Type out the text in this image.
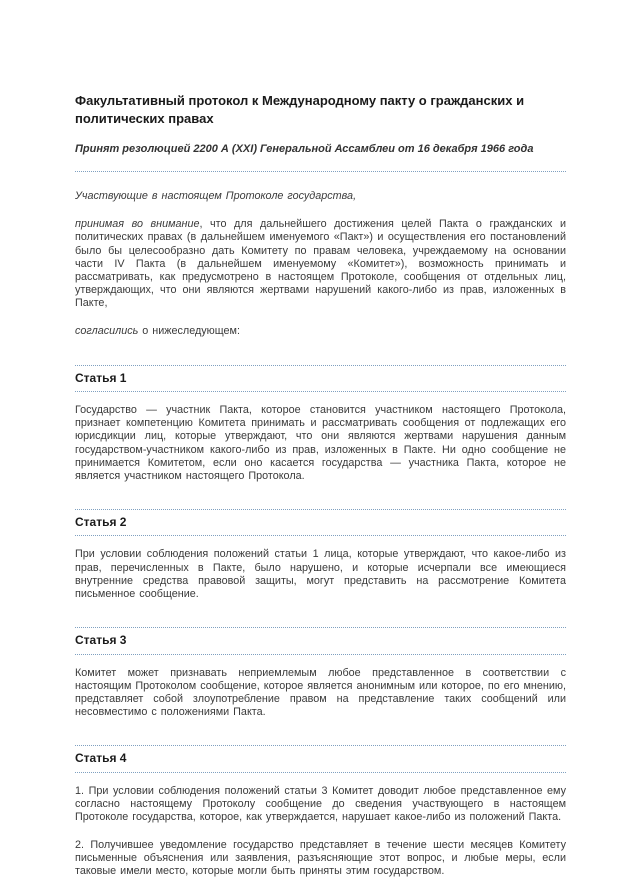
Факультативный протокол к Международному пакту о гражданских и политических правах

Принят резолюцией 2200 А (XXI) Генеральной Ассамблеи от 16 декабря 1966 года

Участвующие в настоящем Протоколе государства,

принимая во внимание, что для дальнейшего достижения целей Пакта о гражданских и политических правах (в дальнейшем именуемого «Пакт») и осуществления его постановлений было бы целесообразно дать Комитету по правам человека, учреждаемому на основании части IV Пакта (в дальнейшем именуемому «Комитет»), возможность принимать и рассматривать, как предусмотрено в настоящем Протоколе, сообщения от отдельных лиц, утверждающих, что они являются жертвами нарушений какого-либо из прав, изложенных в Пакте,

согласились о нижеследующем:

Статья 1

Государство — участник Пакта, которое становится участником настоящего Протокола, признает компетенцию Комитета принимать и рассматривать сообщения от подлежащих его юрисдикции лиц, которые утверждают, что они являются жертвами нарушения данным государством-участником какого-либо из прав, изложенных в Пакте. Ни одно сообщение не принимается Комитетом, если оно касается государства — участника Пакта, которое не является участником настоящего Протокола.

Статья 2

При условии соблюдения положений статьи 1 лица, которые утверждают, что какое-либо из прав, перечисленных в Пакте, было нарушено, и которые исчерпали все имеющиеся внутренние средства правовой защиты, могут представить на рассмотрение Комитета письменное сообщение.

Статья 3

Комитет может признавать неприемлемым любое представленное в соответствии с настоящим Протоколом сообщение, которое является анонимным или которое, по его мнению, представляет собой злоупотребление правом на представление таких сообщений или несовместимо с положениями Пакта.

Статья 4

1. При условии соблюдения положений статьи 3 Комитет доводит любое представленное ему согласно настоящему Протоколу сообщение до сведения участвующего в настоящем Протоколе государства, которое, как утверждается, нарушает какое-либо из положений Пакта.

2. Получившее уведомление государство представляет в течение шести месяцев Комитету письменные объяснения или заявления, разъясняющие этот вопрос, и любые меры, если таковые имели место, которые могли быть приняты этим государством.
